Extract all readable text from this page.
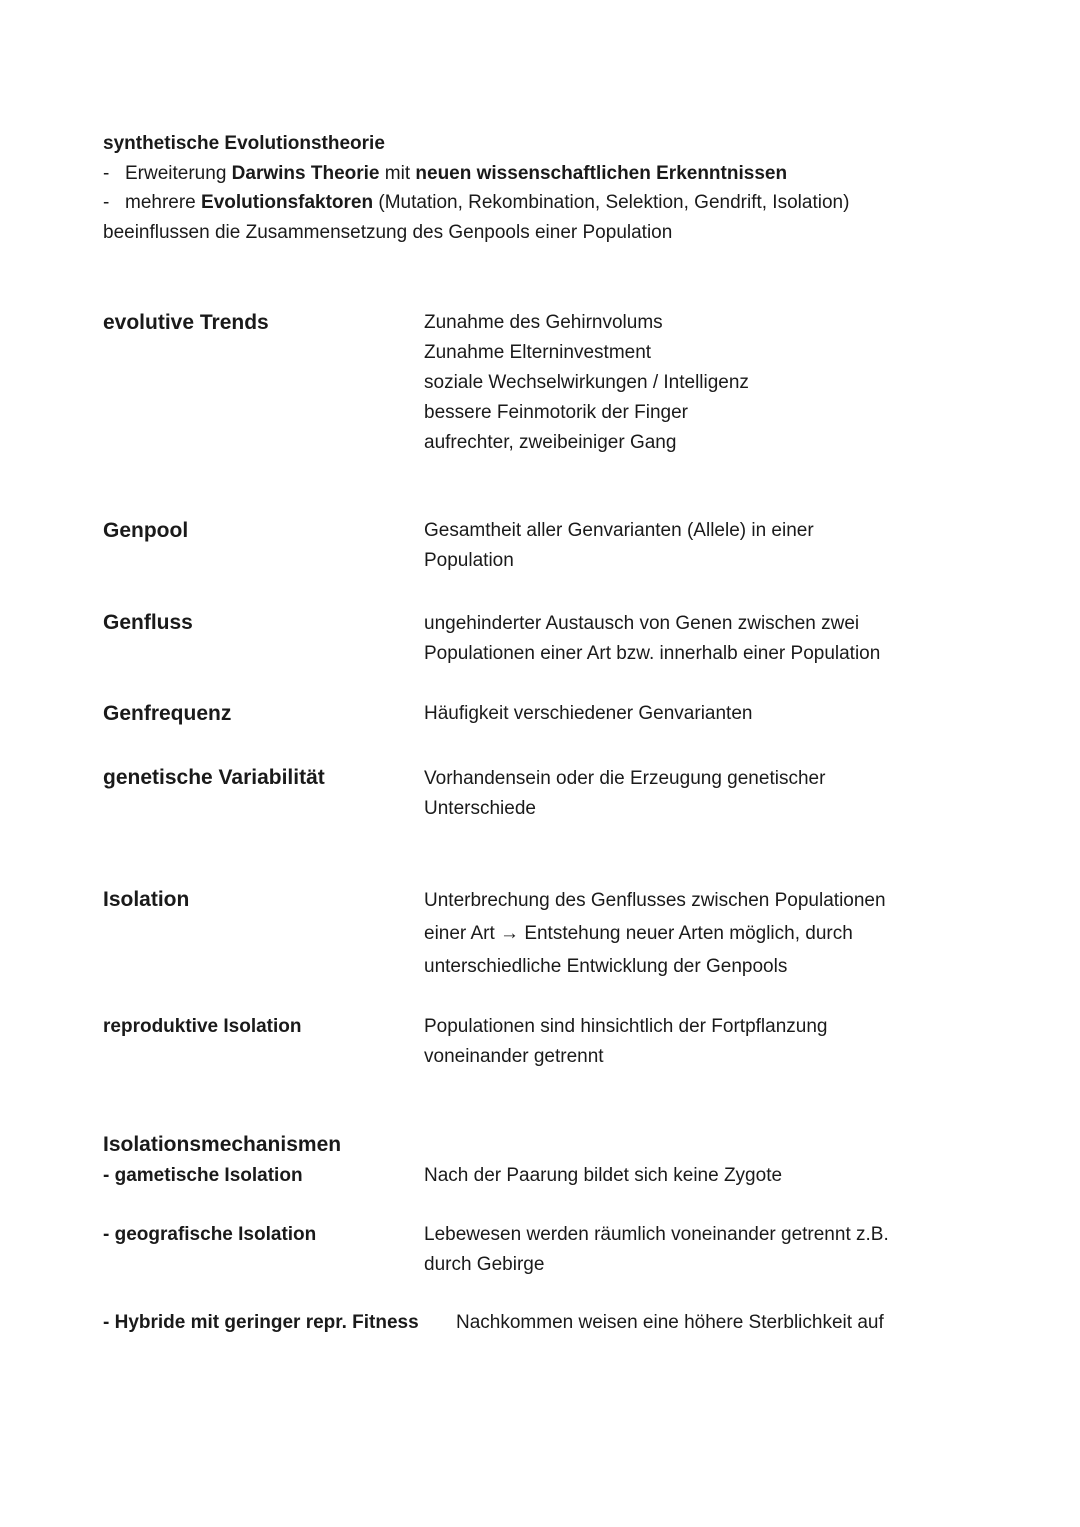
synthetische Evolutionstheorie
- Erweiterung Darwins Theorie mit neuen wissenschaftlichen Erkenntnissen
- mehrere Evolutionsfaktoren (Mutation, Rekombination, Selektion, Gendrift, Isolation)
beeinflussen die Zusammensetzung des Genpools einer Population
evolutive Trends	Zunahme des Gehirnvolums
Zunahme Elterninvestment
soziale Wechselwirkungen / Intelligenz
bessere Feinmotorik der Finger
aufrechter, zweibeiniger Gang
Genpool	Gesamtheit aller Genvarianten (Allele) in einer
Population
Genfluss	ungehinderter Austausch von Genen zwischen zwei
Populationen einer Art bzw. innerhalb einer Population
Genfrequenz	Häufigkeit verschiedener Genvarianten
genetische Variabilität	Vorhandensein oder die Erzeugung genetischer
Unterschiede
Isolation	Unterbrechung des Genflusses zwischen Populationen
einer Art → Entstehung neuer Arten möglich, durch
unterschiedliche Entwicklung der Genpools
reproduktive Isolation	Populationen sind hinsichtlich der Fortpflanzung
voneinander getrennt
Isolationsmechanismen
- gametische Isolation	Nach der Paarung bildet sich keine Zygote
- geografische Isolation	Lebewesen werden räumlich voneinander getrennt z.B.
durch Gebirge
- Hybride mit geringer repr. Fitness Nachkommen weisen eine höhere Sterblichkeit auf
